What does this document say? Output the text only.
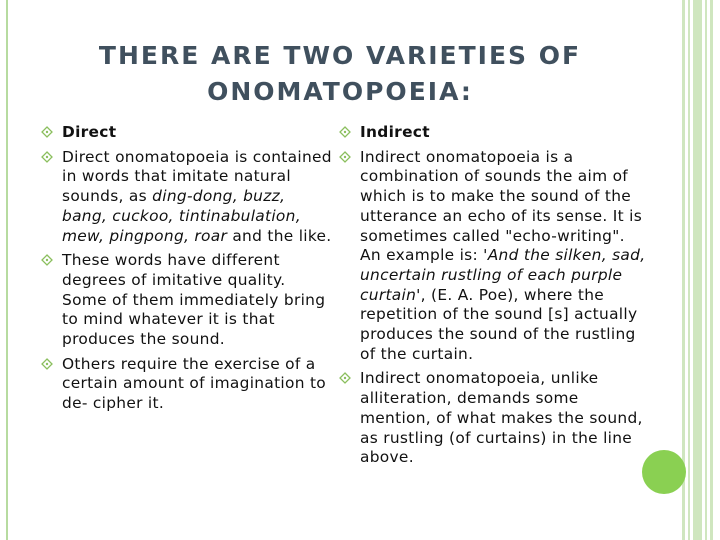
THERE ARE TWO VARIETIES OF
ONOMATOPOEIA:
Direct
Direct onomatopoeia is contained in words that imitate natural sounds, as ding-dong, buzz, bang, cuckoo, tintinabulation, mew, pingpong, roar and the like.
These words have different degrees of imitative quality. Some of them immediately bring to mind whatever it is that produces the sound.
Others require the exercise of a certain amount of imagination to de- cipher it.
Indirect
Indirect onomatopoeia is a combination of sounds the aim of which is to make the sound of the utterance an echo of its sense. It is sometimes called "echo-writing". An example is: 'And the silken, sad, uncertain rustling of each purple curtain', (E. A. Poe), where the repetition of the sound [s] actually produces the sound of the rustling of the curtain.
Indirect onomatopoeia, unlike alliteration, demands some mention, of what makes the sound, as rustling (of curtains) in the line above.
